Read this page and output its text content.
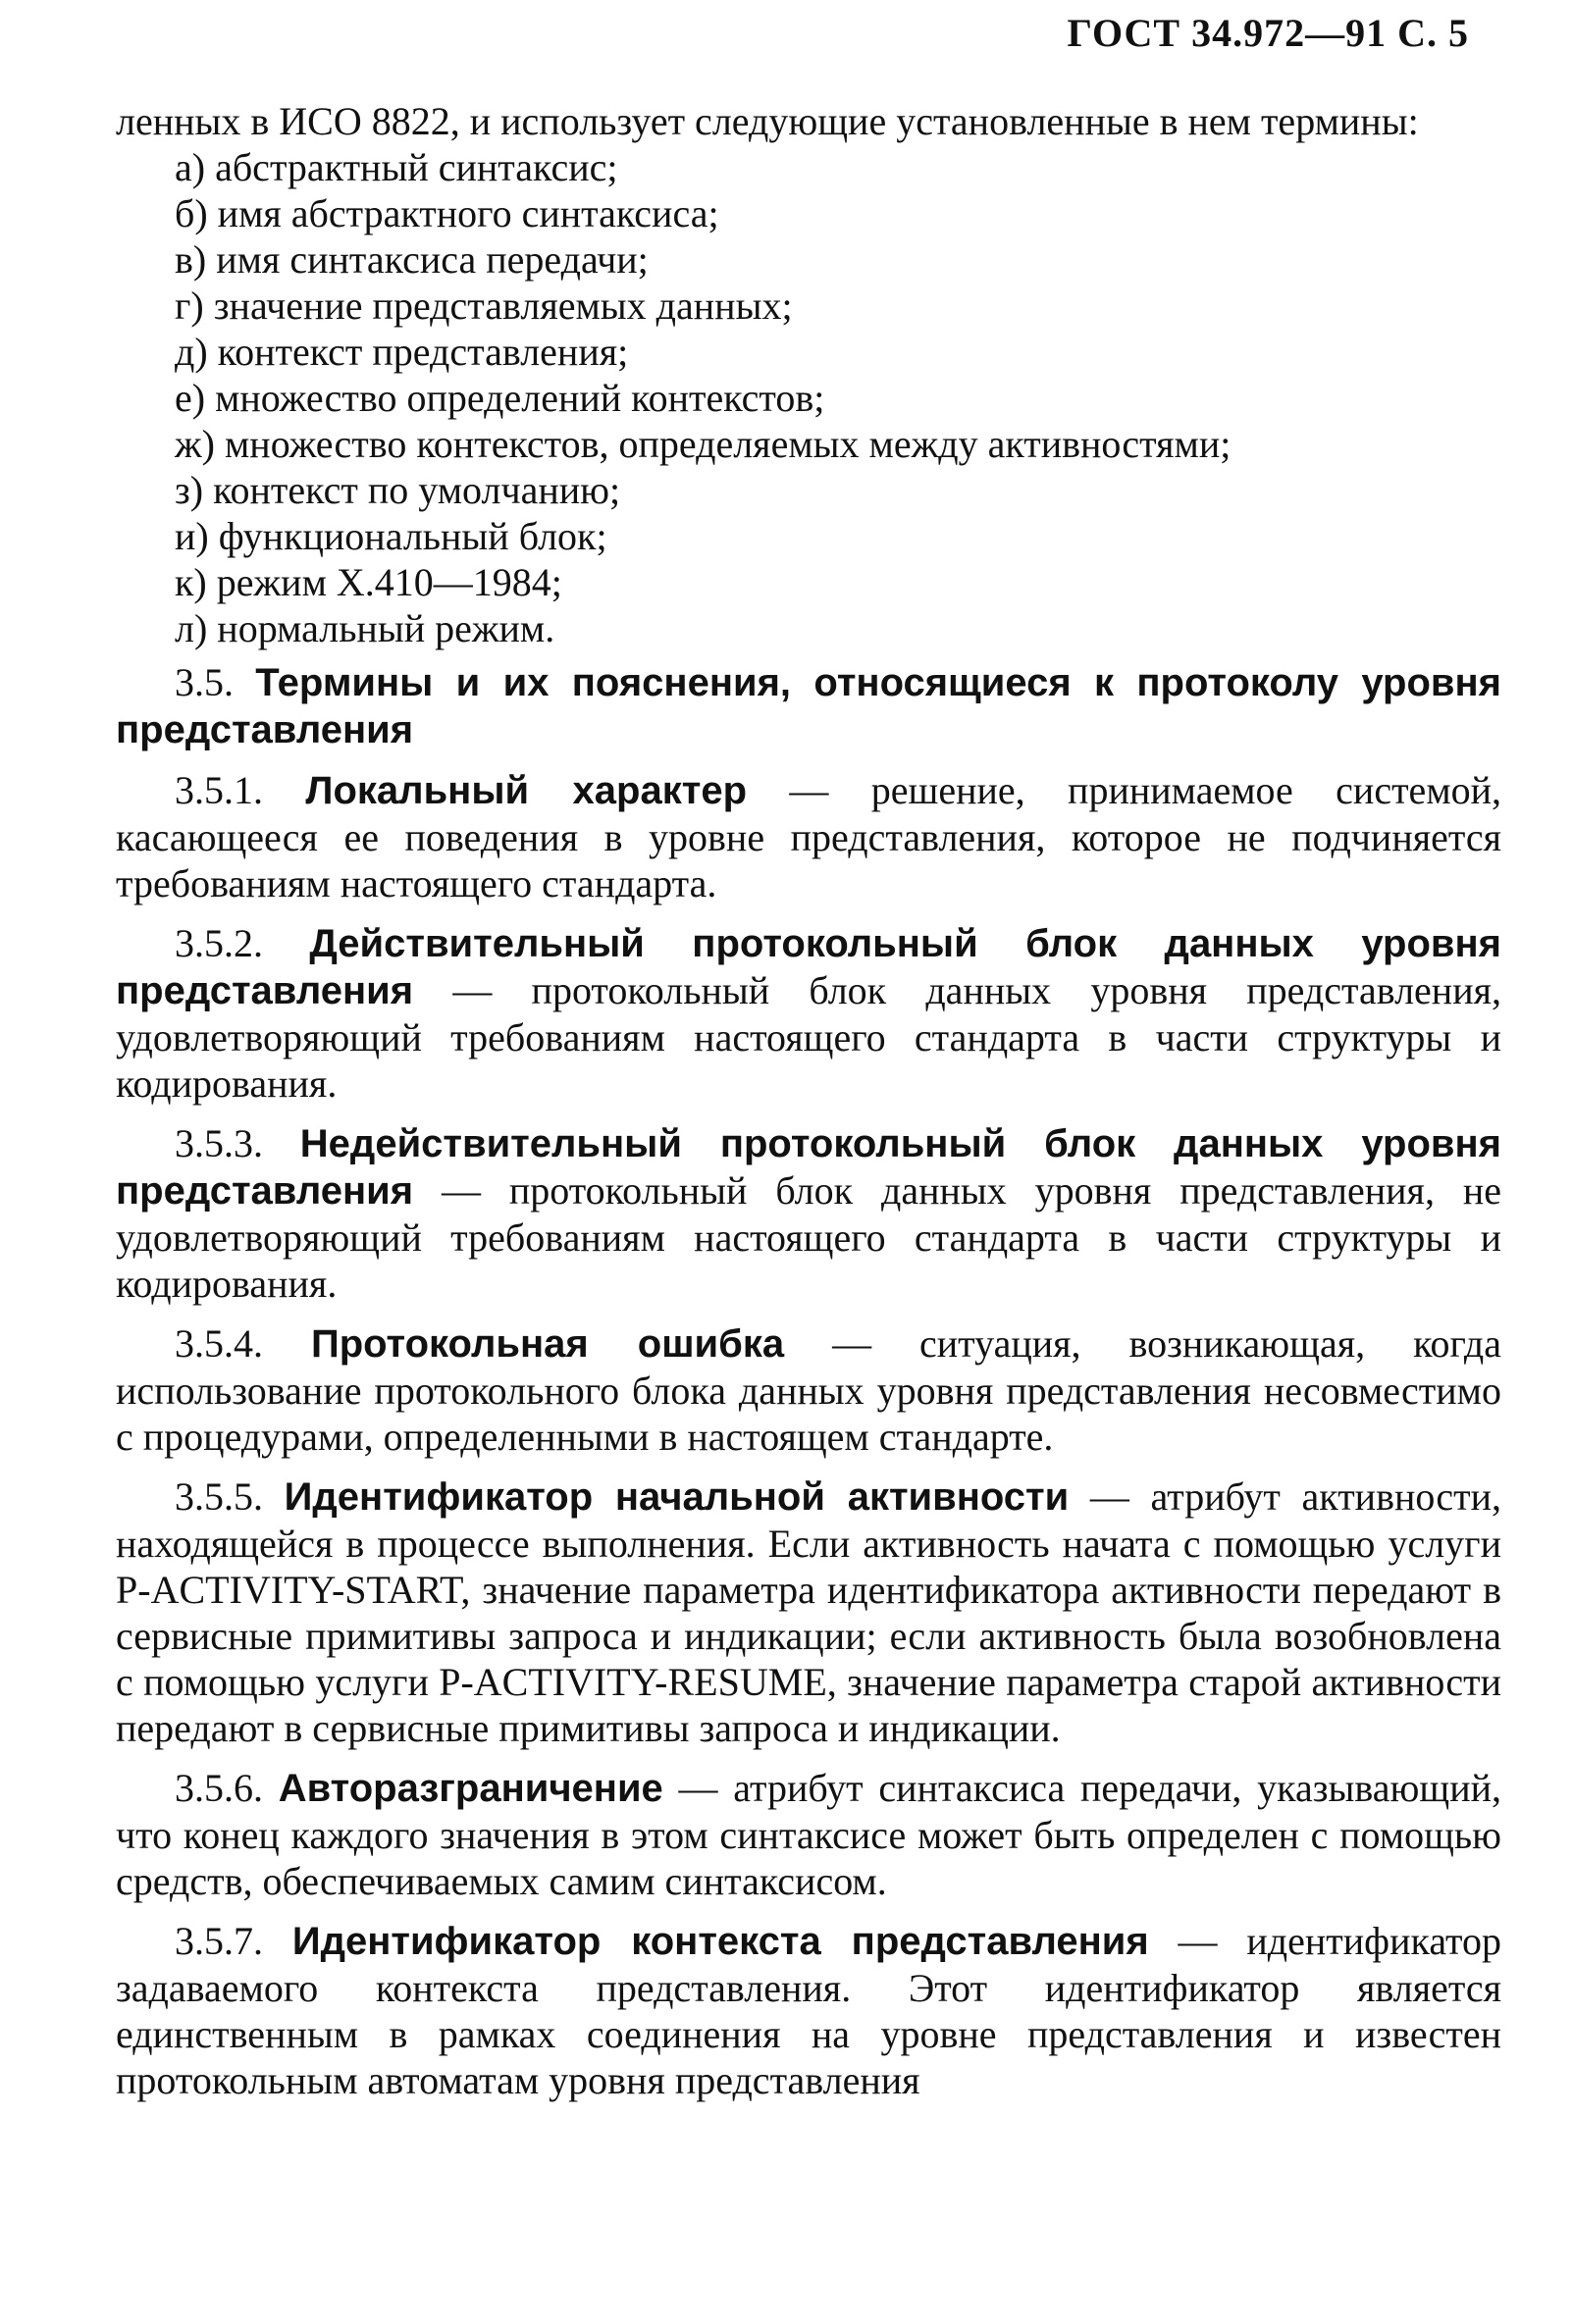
ГОСТ 34.972—91 С. 5

ленных в ИСО 8822, и использует следующие установленные в нем термины:

а) абстрактный синтаксис;
б) имя абстрактного синтаксиса;
в) имя синтаксиса передачи;
г) значение представляемых данных;
д) контекст представления;
е) множество определений контекстов;
ж) множество контекстов, определяемых между активностями;
з) контекст по умолчанию;
и) функциональный блок;
к) режим X.410—1984;
л) нормальный режим.

3.5. Термины и их пояснения, относящиеся к протоколу уровня представления

3.5.1. Локальный характер — решение, принимаемое системой, касающееся ее поведения в уровне представления, которое не подчиняется требованиям настоящего стандарта.

3.5.2. Действительный протокольный блок данных уровня представления — протокольный блок данных уровня представления, удовлетворяющий требованиям настоящего стандарта в части структуры и кодирования.

3.5.3. Недействительный протокольный блок данных уровня представления — протокольный блок данных уровня представления, не удовлетворяющий требованиям настоящего стандарта в части структуры и кодирования.

3.5.4. Протокольная ошибка — ситуация, возникающая, когда использование протокольного блока данных уровня представления несовместимо с процедурами, определенными в настоящем стандарте.

3.5.5. Идентификатор начальной активности — атрибут активности, находящейся в процессе выполнения. Если активность начата с помощью услуги P-ACTIVITY-START, значение параметра идентификатора активности передают в сервисные примитивы запроса и индикации; если активность была возобновлена с помощью услуги P-ACTIVITY-RESUME, значение параметра старой активности передают в сервисные примитивы запроса и индикации.

3.5.6. Авторазграничение — атрибут синтаксиса передачи, указывающий, что конец каждого значения в этом синтаксисе может быть определен с помощью средств, обеспечиваемых самим синтаксисом.

3.5.7. Идентификатор контекста представления — идентификатор задаваемого контекста представления. Этот идентификатор является единственным в рамках соединения на уровне представления и известен протокольным автоматам уровня представления
